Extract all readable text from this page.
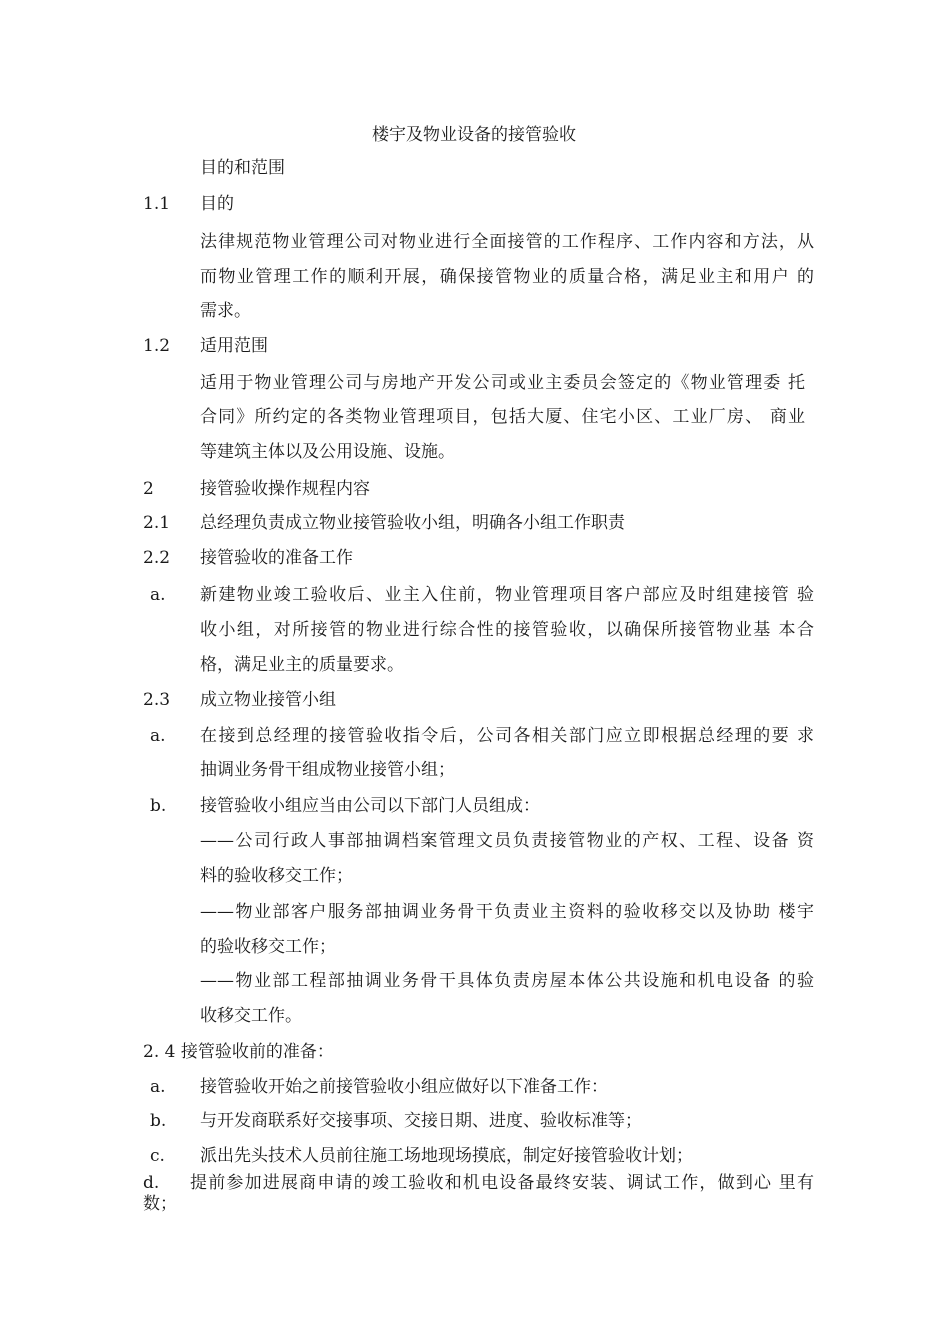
楼宇及物业设备的接管验收
目的和范围
1.1 目的
法律规范物业管理公司对物业进行全面接管的工作程序、工作内容和方法，从
而物业管理工作的顺利开展，确保接管物业的质量合格，满足业主和用户 的
需求。
1.2 适用范围
适用于物业管理公司与房地产开发公司或业主委员会签定的《物业管理委 托
合同》所约定的各类物业管理项目，包括大厦、住宅小区、工业厂房、 商业
等建筑主体以及公用设施、设施。
2	接管验收操作规程内容
2.1 总经理负责成立物业接管验收小组，明确各小组工作职责
2.2 接管验收的准备工作
a. 新建物业竣工验收后、业主入住前，物业管理项目客户部应及时组建接管 验
收小组，对所接管的物业进行综合性的接管验收，以确保所接管物业基 本合
格，满足业主的质量要求。
2.3 成立物业接管小组
a. 在接到总经理的接管验收指令后，公司各相关部门应立即根据总经理的要 求
抽调业务骨干组成物业接管小组；
b. 接管验收小组应当由公司以下部门人员组成：
——公司行政人事部抽调档案管理文员负责接管物业的产权、工程、设备 资
料的验收移交工作；
——物业部客户服务部抽调业务骨干负责业主资料的验收移交以及协助 楼宇
的验收移交工作；
——物业部工程部抽调业务骨干具体负责房屋本体公共设施和机电设备 的验
收移交工作。
2. 4 接管验收前的准备：
a. 接管验收开始之前接管验收小组应做好以下准备工作：
b. 与开发商联系好交接事项、交接日期、进度、验收标准等；
c. 派出先头技术人员前往施工场地现场摸底，制定好接管验收计划；
d. 提前参加进展商申请的竣工验收和机电设备最终安装、调试工作，做到心 里有
数；
